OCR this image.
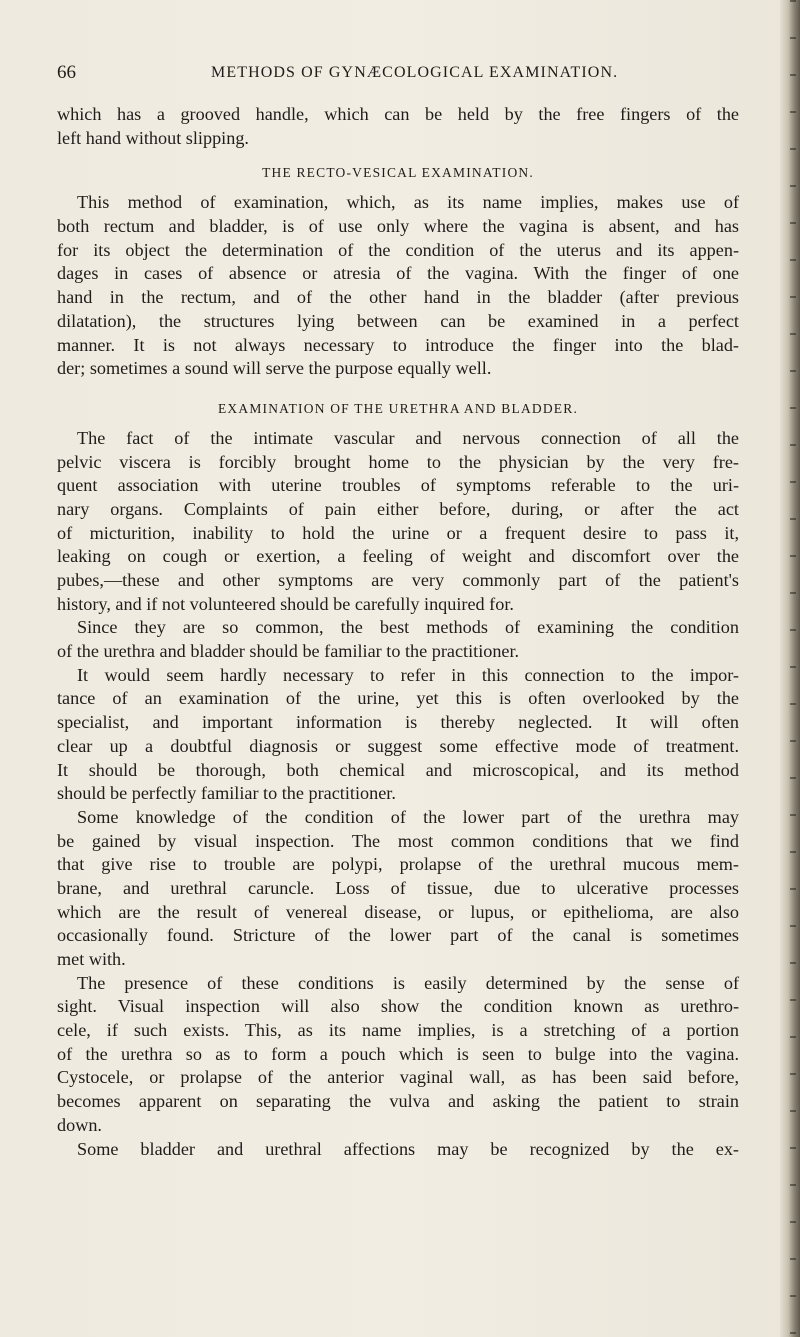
66	METHODS OF GYNÆCOLOGICAL EXAMINATION.
which has a grooved handle, which can be held by the free fingers of the
left hand without slipping.
THE RECTO-VESICAL EXAMINATION.
This method of examination, which, as its name implies, makes use of
both rectum and bladder, is of use only where the vagina is absent, and has
for its object the determination of the condition of the uterus and its appen-
dages in cases of absence or atresia of the vagina. With the finger of one
hand in the rectum, and of the other hand in the bladder (after previous
dilatation), the structures lying between can be examined in a perfect
manner. It is not always necessary to introduce the finger into the blad-
der; sometimes a sound will serve the purpose equally well.
EXAMINATION OF THE URETHRA AND BLADDER.
The fact of the intimate vascular and nervous connection of all the
pelvic viscera is forcibly brought home to the physician by the very fre-
quent association with uterine troubles of symptoms referable to the uri-
nary organs. Complaints of pain either before, during, or after the act
of micturition, inability to hold the urine or a frequent desire to pass it,
leaking on cough or exertion, a feeling of weight and discomfort over the
pubes,—these and other symptoms are very commonly part of the patient's
history, and if not volunteered should be carefully inquired for.
Since they are so common, the best methods of examining the condition
of the urethra and bladder should be familiar to the practitioner.
It would seem hardly necessary to refer in this connection to the impor-
tance of an examination of the urine, yet this is often overlooked by the
specialist, and important information is thereby neglected. It will often
clear up a doubtful diagnosis or suggest some effective mode of treatment.
It should be thorough, both chemical and microscopical, and its method
should be perfectly familiar to the practitioner.
Some knowledge of the condition of the lower part of the urethra may
be gained by visual inspection. The most common conditions that we find
that give rise to trouble are polypi, prolapse of the urethral mucous mem-
brane, and urethral caruncle. Loss of tissue, due to ulcerative processes
which are the result of venereal disease, or lupus, or epithelioma, are also
occasionally found. Stricture of the lower part of the canal is sometimes
met with.
The presence of these conditions is easily determined by the sense of
sight. Visual inspection will also show the condition known as urethro-
cele, if such exists. This, as its name implies, is a stretching of a portion
of the urethra so as to form a pouch which is seen to bulge into the vagina.
Cystocele, or prolapse of the anterior vaginal wall, as has been said before,
becomes apparent on separating the vulva and asking the patient to strain
down.
Some bladder and urethral affections may be recognized by the ex-
